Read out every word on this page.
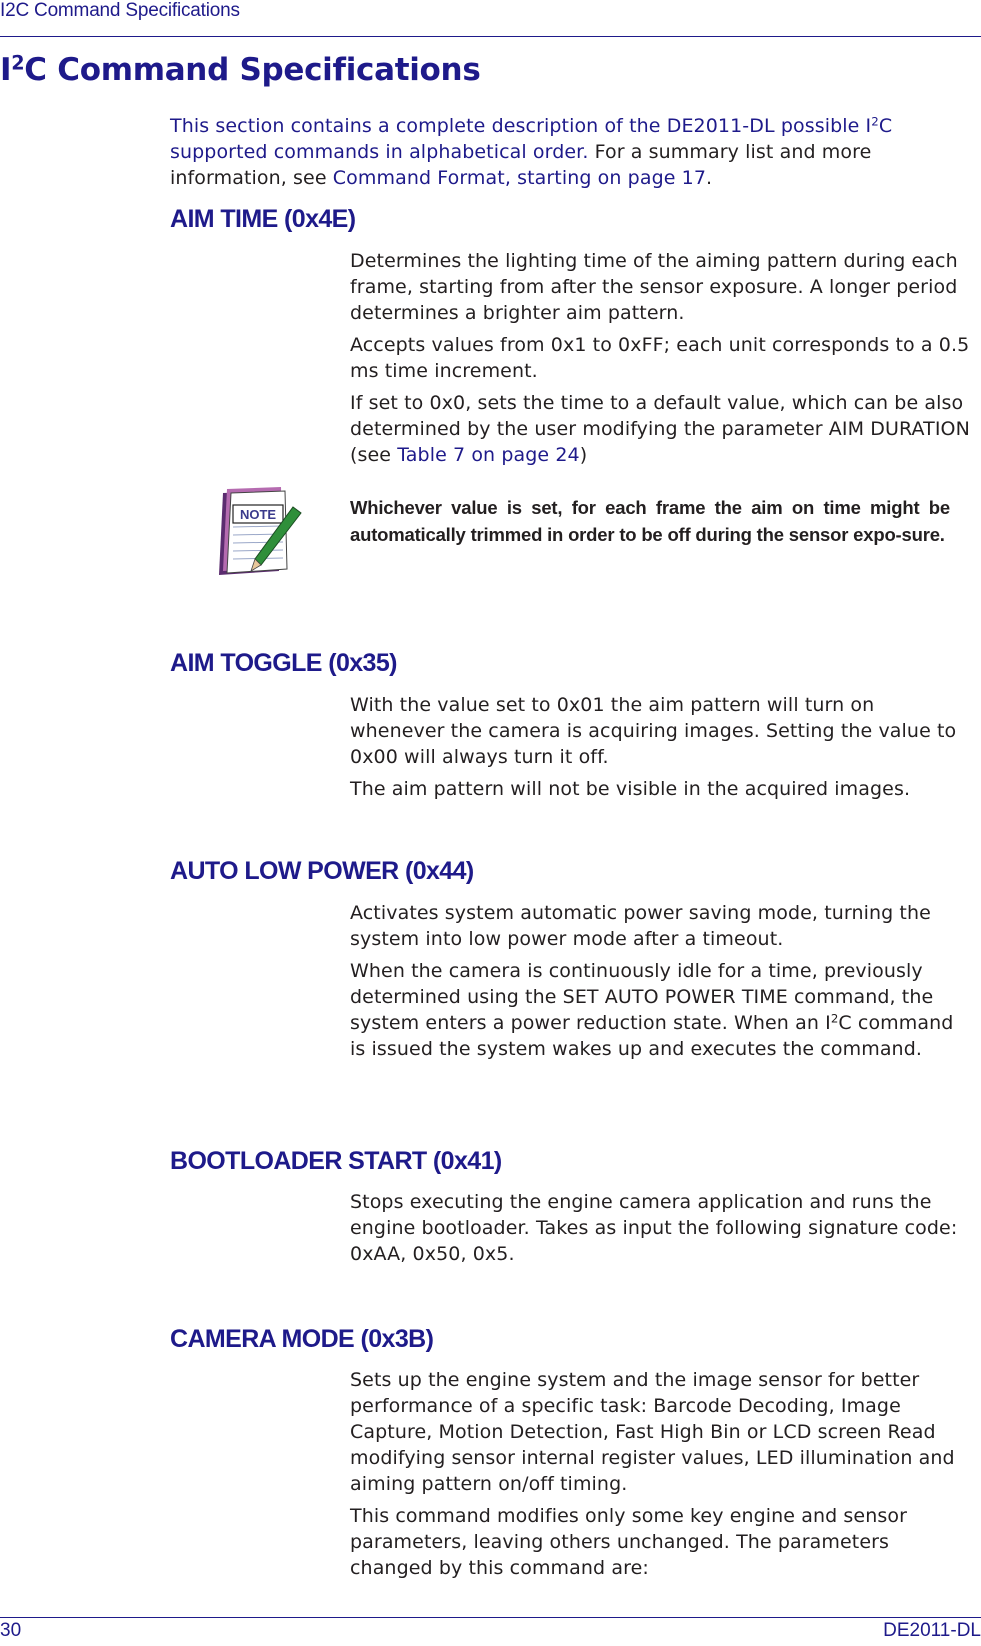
I2C Command Specifications
$I^2C$ Command Specifications

This section contains a complete description of the DE2011-DL possible $I^2C$ supported commands in alphabetical order. For a summary list and more information, see Command Format, starting on page 17.

AIM TIME (0x4E)

Determines the lighting time of the aiming pattern during each frame, starting from after the sensor exposure. A longer period determines a brighter aim pattern.

Accepts values from 0x1 to 0xFF; each unit corresponds to a 0.5 ms time increment.

If set to 0x0, sets the time to a default value, which can be also determined by the user modifying the parameter AIM DURATION (see Table 7 on page 24)

NOTE	Whichever value is set, for each frame the aim on time might be automatically trimmed in order to be off during the sensor expo-sure.

AIM TOGGLE (0x35)

With the value set to 0x01 the aim pattern will turn on whenever the camera is acquiring images. Setting the value to 0x00 will always turn it off.

The aim pattern will not be visible in the acquired images.

AUTO LOW POWER (0x44)

Activates system automatic power saving mode, turning the system into low power mode after a timeout.

When the camera is continuously idle for a time, previously determined using the SET AUTO POWER TIME command, the system enters a power reduction state. When an $I^2C$ command is issued the system wakes up and executes the command.

BOOTLOADER START (0x41)

Stops executing the engine camera application and runs the engine bootloader. Takes as input the following signature code: 0xAA, 0x50, 0x5.

CAMERA MODE (0x3B)

Sets up the engine system and the image sensor for better performance of a specific task: Barcode Decoding, Image Capture, Motion Detection, Fast High Bin or LCD screen Read modifying sensor internal register values, LED illumination and aiming pattern on/off timing.

This command modifies only some key engine and sensor parameters, leaving others unchanged. The parameters changed by this command are:

30	DE2011-DL
